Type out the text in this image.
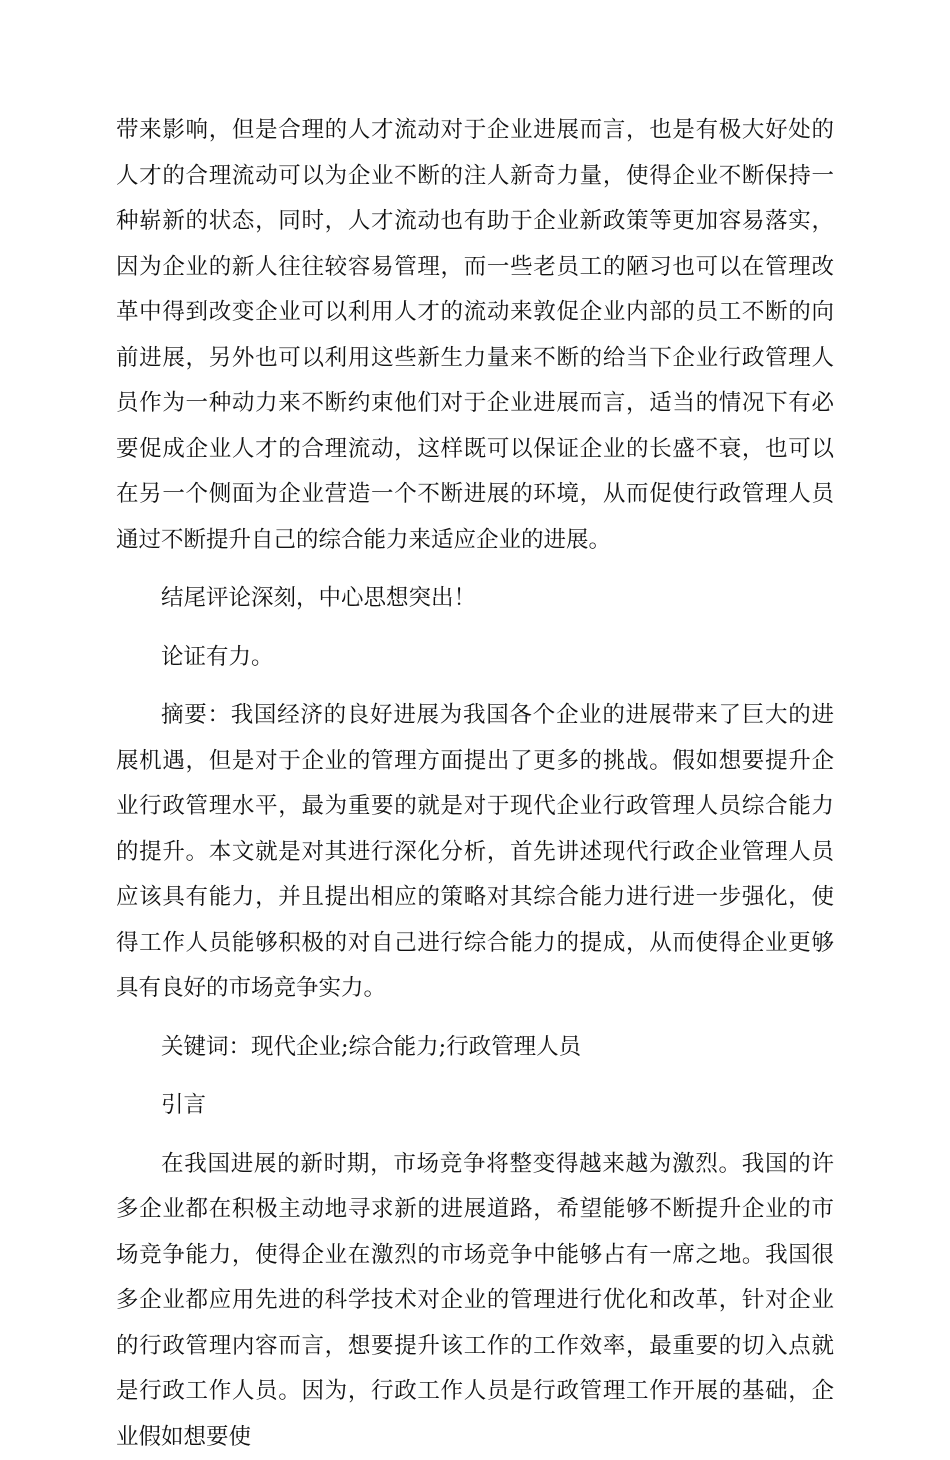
带来影响，但是合理的人才流动对于企业进展而言，也是有极大好处的人才的合理流动可以为企业不断的注人新奇力量，使得企业不断保持一种崭新的状态，同时，人才流动也有助于企业新政策等更加容易落实，因为企业的新人往往较容易管理，而一些老员工的陋习也可以在管理改革中得到改变企业可以利用人才的流动来敦促企业内部的员工不断的向前进展，另外也可以利用这些新生力量来不断的给当下企业行政管理人员作为一种动力来不断约束他们对于企业进展而言，适当的情况下有必要促成企业人才的合理流动，这样既可以保证企业的长盛不衰，也可以在另一个侧面为企业营造一个不断进展的环境，从而促使行政管理人员通过不断提升自己的综合能力来适应企业的进展。

结尾评论深刻，中心思想突出！

论证有力。

摘要：我国经济的良好进展为我国各个企业的进展带来了巨大的进展机遇，但是对于企业的管理方面提出了更多的挑战。假如想要提升企业行政管理水平，最为重要的就是对于现代企业行政管理人员综合能力的提升。本文就是对其进行深化分析，首先讲述现代行政企业管理人员应该具有能力，并且提出相应的策略对其综合能力进行进一步强化，使得工作人员能够积极的对自己进行综合能力的提成，从而使得企业更够具有良好的市场竞争实力。

关键词：现代企业;综合能力;行政管理人员

引言

在我国进展的新时期，市场竞争将整变得越来越为激烈。我国的许多企业都在积极主动地寻求新的进展道路，希望能够不断提升企业的市场竞争能力，使得企业在激烈的市场竞争中能够占有一席之地。我国很多企业都应用先进的科学技术对企业的管理进行优化和改革，针对企业的行政管理内容而言，想要提升该工作的工作效率，最重要的切入点就是行政工作人员。因为，行政工作人员是行政管理工作开展的基础，企业假如想要使
